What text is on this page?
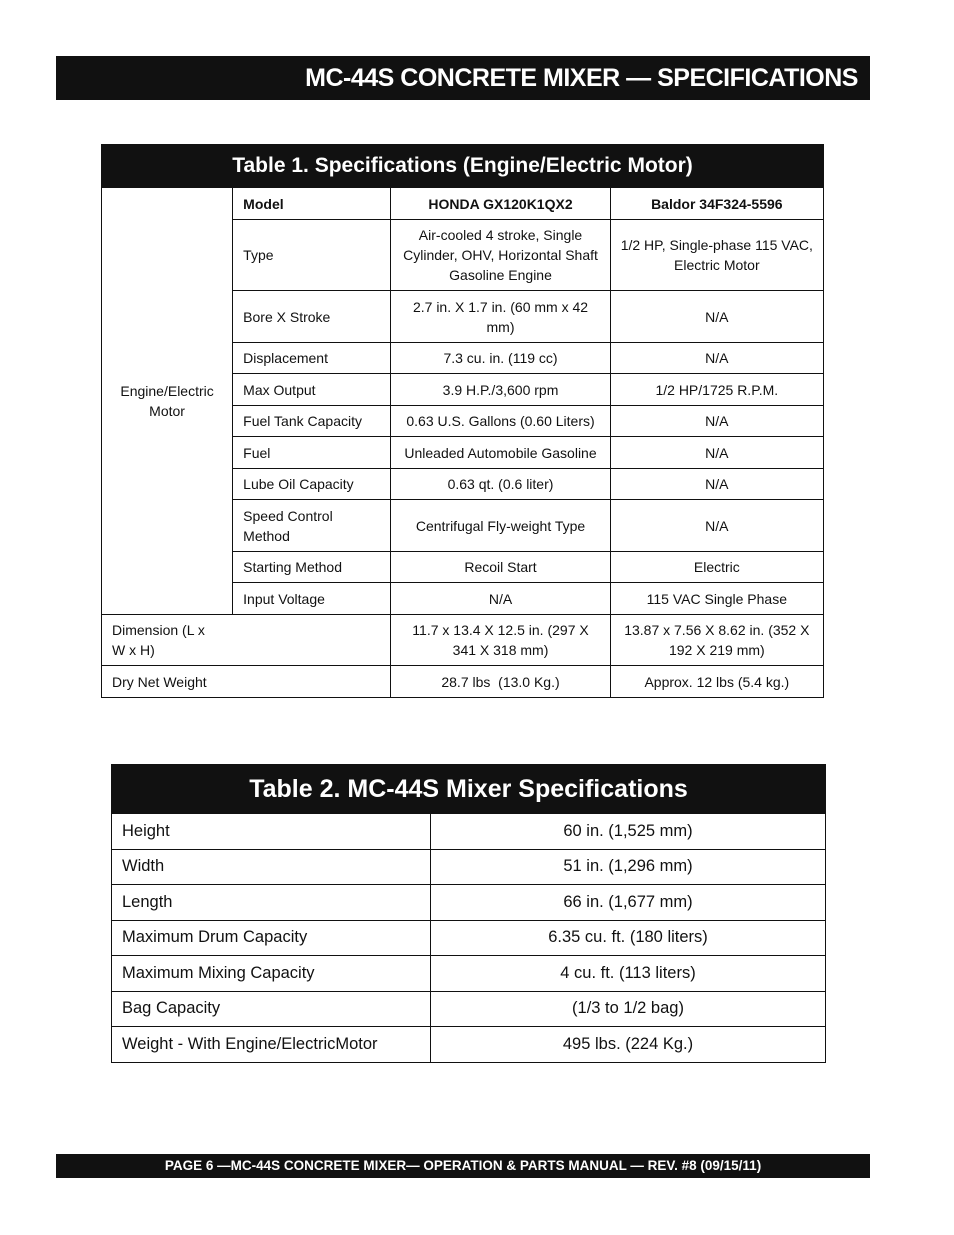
MC-44S CONCRETE MIXER — SPECIFICATIONS
Table 1. Specifications (Engine/Electric Motor)			

Engine/Electric Motor	Model	HONDA GX120K1QX2	Baldor 34F324-5596
	Type	Air-cooled 4 stroke, Single Cylinder, OHV, Horizontal Shaft Gasoline Engine	1/2 HP, Single-phase 115 VAC, Electric Motor
	Bore X Stroke	2.7 in. X 1.7 in. (60 mm x 42 mm)	N/A
	Displacement	7.3 cu. in. (119 cc)	N/A
	Max Output	3.9 H.P./3,600 rpm	1/2 HP/1725 R.P.M.
	Fuel Tank Capacity	0.63 U.S. Gallons (0.60 Liters)	N/A
	Fuel	Unleaded Automobile Gasoline	N/A
	Lube Oil Capacity	0.63 qt. (0.6 liter)	N/A

	Speed Control Method	Centrifugal Fly-weight Type	N/A
	Starting Method	Recoil Start	Electric
	Input Voltage	N/A	115 VAC Single Phase

Dimension (L x W x H)		11.7 x 13.4 X 12.5 in. (297 X 341 X 318 mm)	13.87 x 7.56 X 8.62 in. (352 X 192 X 219 mm)
Dry Net Weight		28.7 lbs  (13.0 Kg.)	Approx. 12 lbs (5.4 kg.)
Table 2. MC-44S Mixer Specifications	
Height	60 in. (1,525 mm)
Width	51 in. (1,296 mm)
Length	66 in. (1,677 mm)
Maximum Drum Capacity	6.35 cu. ft. (180 liters)
Maximum Mixing Capacity	4 cu. ft. (113 liters)
Bag Capacity	(1/3 to 1/2 bag)
Weight - With Engine/ElectricMotor	495 lbs. (224 Kg.)
PAGE 6 —MC-44S CONCRETE MIXER— OPERATION & PARTS MANUAL — REV. #8 (09/15/11)
